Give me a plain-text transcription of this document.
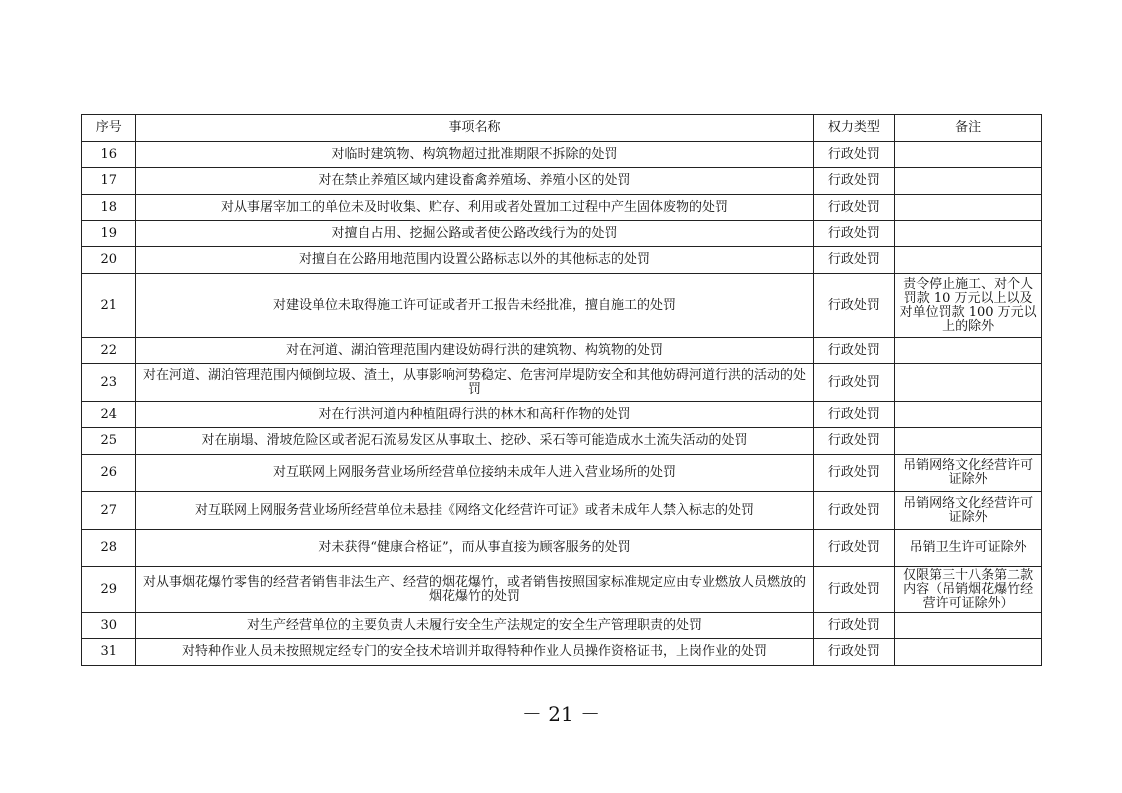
序号	事项名称	权力类型	备注
16	对临时建筑物、构筑物超过批准期限不拆除的处罚	行政处罚	
17	对在禁止养殖区域内建设畜禽养殖场、养殖小区的处罚	行政处罚	
18	对从事屠宰加工的单位未及时收集、贮存、利用或者处置加工过程中产生固体废物的处罚	行政处罚	
19	对擅自占用、挖掘公路或者使公路改线行为的处罚	行政处罚	
20	对擅自在公路用地范围内设置公路标志以外的其他标志的处罚	行政处罚	
21	对建设单位未取得施工许可证或者开工报告未经批准，擅自施工的处罚	行政处罚	责令停止施工、对个人罚款 10 万元以上以及对单位罚款 100 万元以上的除外
22	对在河道、湖泊管理范围内建设妨碍行洪的建筑物、构筑物的处罚	行政处罚	
23	对在河道、湖泊管理范围内倾倒垃圾、渣土，从事影响河势稳定、危害河岸堤防安全和其他妨碍河道行洪的活动的处罚	行政处罚	
24	对在行洪河道内种植阻碍行洪的林木和高秆作物的处罚	行政处罚	
25	对在崩塌、滑坡危险区或者泥石流易发区从事取土、挖砂、采石等可能造成水土流失活动的处罚	行政处罚	
26	对互联网上网服务营业场所经营单位接纳未成年人进入营业场所的处罚	行政处罚	吊销网络文化经营许可证除外
27	对互联网上网服务营业场所经营单位未悬挂《网络文化经营许可证》或者未成年人禁入标志的处罚	行政处罚	吊销网络文化经营许可证除外
28	对未获得“健康合格证”，而从事直接为顾客服务的处罚	行政处罚	吊销卫生许可证除外
29	对从事烟花爆竹零售的经营者销售非法生产、经营的烟花爆竹，或者销售按照国家标准规定应由专业燃放人员燃放的烟花爆竹的处罚	行政处罚	仅限第三十八条第二款内容（吊销烟花爆竹经营许可证除外）
30	对生产经营单位的主要负责人未履行安全生产法规定的安全生产管理职责的处罚	行政处罚	
31	对特种作业人员未按照规定经专门的安全技术培训并取得特种作业人员操作资格证书，上岗作业的处罚	行政处罚	
－ 21 －
